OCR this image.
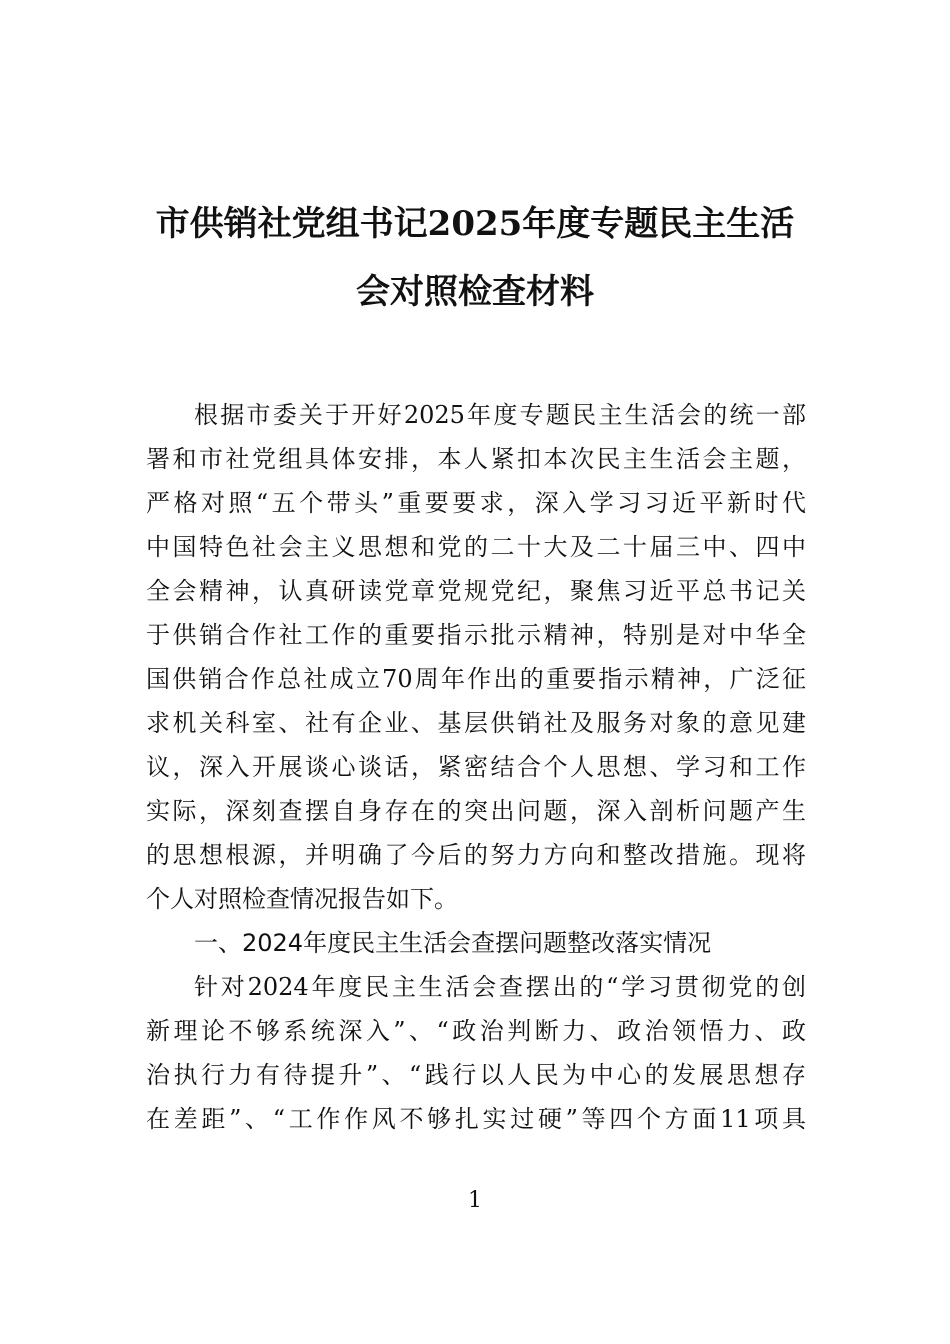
市供销社党组书记2025年度专题民主生活
会对照检查材料
根据市委关于开好2025年度专题民主生活会的统一部
署和市社党组具体安排，本人紧扣本次民主生活会主题，
严格对照“五个带头”重要要求，深入学习习近平新时代
中国特色社会主义思想和党的二十大及二十届三中、四中
全会精神，认真研读党章党规党纪，聚焦习近平总书记关
于供销合作社工作的重要指示批示精神，特别是对中华全
国供销合作总社成立70周年作出的重要指示精神，广泛征
求机关科室、社有企业、基层供销社及服务对象的意见建
议，深入开展谈心谈话，紧密结合个人思想、学习和工作
实际，深刻查摆自身存在的突出问题，深入剖析问题产生
的思想根源，并明确了今后的努力方向和整改措施。现将
个人对照检查情况报告如下。
一、2024年度民主生活会查摆问题整改落实情况
针对2024年度民主生活会查摆出的“学习贯彻党的创
新理论不够系统深入”、“政治判断力、政治领悟力、政
治执行力有待提升”、“践行以人民为中心的发展思想存
在差距”、“工作作风不够扎实过硬”等四个方面11项具
1
